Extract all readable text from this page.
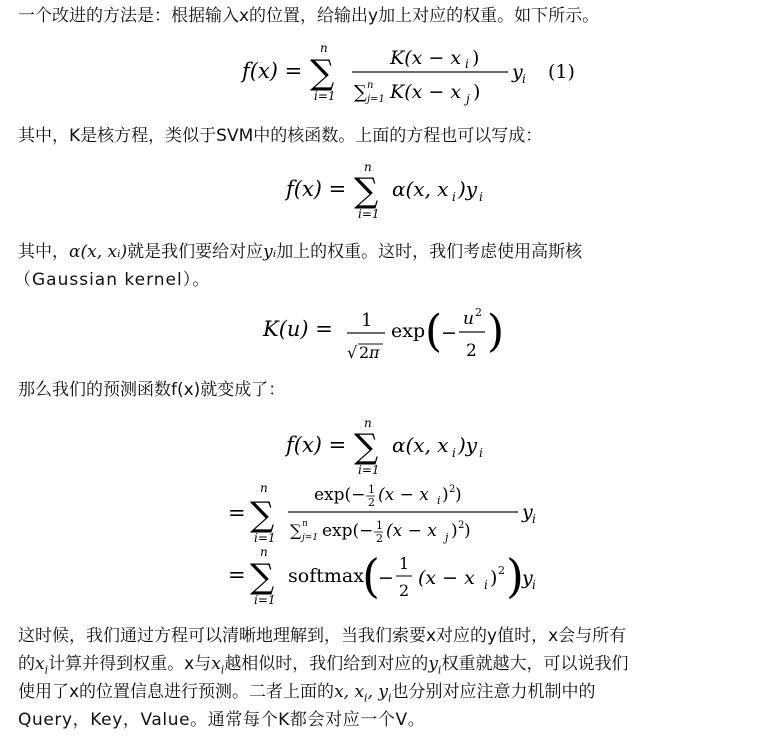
一个改进的方法是：根据输入x的位置，给输出y加上对应的权重。如下所示。
f(x) = ∑
n
i=1
K(x − x i )
∑ n
j=1 K(x − x j )
y i (1)
其中，K是核方程，类似于SVM中的核函数。上面的方程也可以写成：
f(x) = ∑
n
i=1
α(x, x i )y i
其中，α(x, xᵢ)就是我们要给对应yᵢ加上的权重。这时，我们考虑使用高斯核
（Gaussian kernel）。
K(u) = 1
√ 2 π
exp (
−
u 2
2 )
那么我们的预测函数f(x)就变成了：
f(x) = ∑
n
i=1
α(x, x i )y i
= ∑
n
i=1
exp(− 1
2 (x − x i ) 2 )
∑ n
j=1 exp(− 1
2 (x − x j ) 2 )
y i
= ∑
n
i=1
softmax
(
−
1
2
(x − x i ) 2 )
y i
这时候，我们通过方程可以清晰地理解到，当我们索要x对应的y值时，x会与所有
的$x_i$计算并得到权重。x与$x_i$越相似时，我们给到对应的$y_i$权重就越大，可以说我们
使用了x的位置信息进行预测。二者上面的x, $x_i$, $y_i$也分别对应注意力机制中的
Query，Key，Value。通常每个K都会对应一个V。
